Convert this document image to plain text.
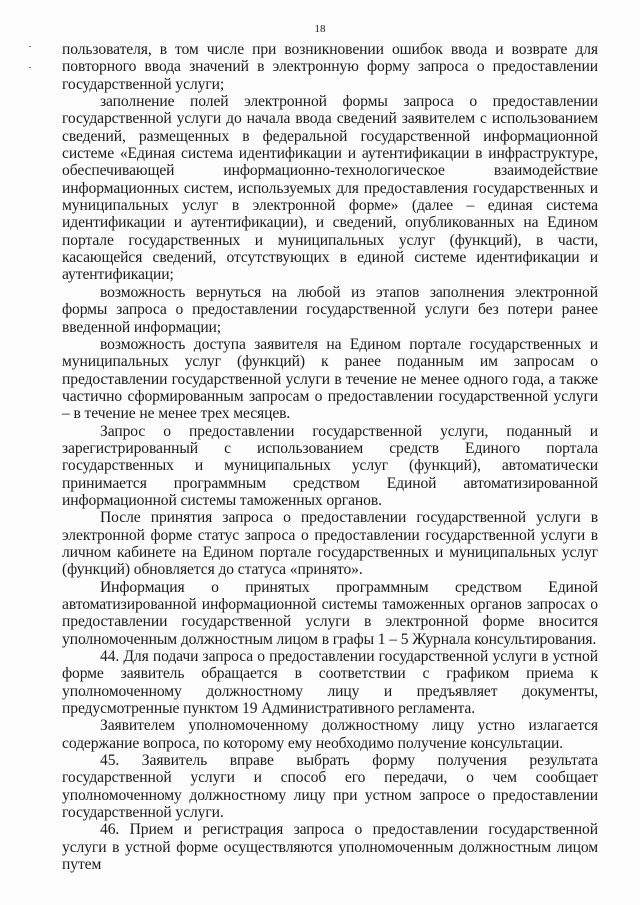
18

пользователя, в том числе при возникновении ошибок ввода и возврате для повторного ввода значений в электронную форму запроса о предоставлении государственной услуги;

заполнение полей электронной формы запроса о предоставлении государственной услуги до начала ввода сведений заявителем с использованием сведений, размещенных в федеральной государственной информационной системе «Единая система идентификации и аутентификации в инфраструктуре, обеспечивающей информационно-технологическое взаимодействие информационных систем, используемых для предоставления государственных и муниципальных услуг в электронной форме» (далее – единая система идентификации и аутентификации), и сведений, опубликованных на Едином портале государственных и муниципальных услуг (функций), в части, касающейся сведений, отсутствующих в единой системе идентификации и аутентификации;

возможность вернуться на любой из этапов заполнения электронной формы запроса о предоставлении государственной услуги без потери ранее введенной информации;

возможность доступа заявителя на Едином портале государственных и муниципальных услуг (функций) к ранее поданным им запросам о предоставлении государственной услуги в течение не менее одного года, а также частично сформированным запросам о предоставлении государственной услуги – в течение не менее трех месяцев.

Запрос о предоставлении государственной услуги, поданный и зарегистрированный с использованием средств Единого портала государственных и муниципальных услуг (функций), автоматически принимается программным средством Единой автоматизированной информационной системы таможенных органов.

После принятия запроса о предоставлении государственной услуги в электронной форме статус запроса о предоставлении государственной услуги в личном кабинете на Едином портале государственных и муниципальных услуг (функций) обновляется до статуса «принято».

Информация о принятых программным средством Единой автоматизированной информационной системы таможенных органов запросах о предоставлении государственной услуги в электронной форме вносится уполномоченным должностным лицом в графы 1 – 5 Журнала консультирования.

44. Для подачи запроса о предоставлении государственной услуги в устной форме заявитель обращается в соответствии с графиком приема к уполномоченному должностному лицу и предъявляет документы, предусмотренные пунктом 19 Административного регламента.

Заявителем уполномоченному должностному лицу устно излагается содержание вопроса, по которому ему необходимо получение консультации.

45. Заявитель вправе выбрать форму получения результата государственной услуги и способ его передачи, о чем сообщает уполномоченному должностному лицу при устном запросе о предоставлении государственной услуги.

46. Прием и регистрация запроса о предоставлении государственной услуги в устной форме осуществляются уполномоченным должностным лицом путем
